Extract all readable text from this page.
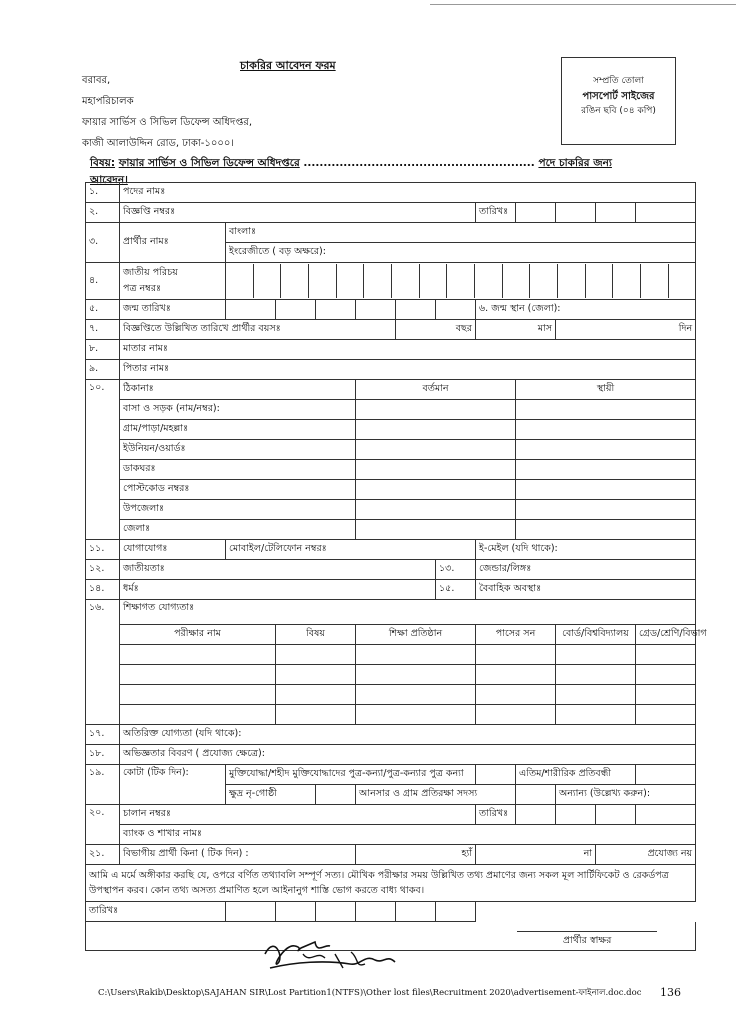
চাকরির আবেদন ফরম
বরাবর,
মহাপরিচালক
ফায়ার সার্ভিস ও সিভিল ডিফেন্স অধিদপ্তর,
কাজী আলাউদ্দিন রোড, ঢাকা-১০০০।
সম্প্রতি তোলা
পাসপোর্ট সাইজের
রঙিন ছবি (০৪ কপি)
বিষয়: ফায়ার সার্ভিস ও সিভিল ডিফেন্স অধিদপ্তরে .......................................................... পদে চাকরির জন্য আবেদন।
১.	পদের নামঃ											
২.	বিজ্ঞপ্তি নম্বরঃ							তারিখঃ				
৩.	প্রার্থীর নামঃ	বাংলাঃ										
		ইংরেজীতে ( বড় অক্ষরে):										
৪.	জাতীয় পরিচয়
পত্র নম্বরঃ											

৫.	জন্ম তারিখঃ							৬. জন্ম স্থান (জেলা):				
৭.	বিজ্ঞপ্তিতে উল্লিখিত তারিখে প্রার্থীর বয়সঃ					বছর		মাস		দিন		
৮.	মাতার নামঃ											
৯.	পিতার নামঃ											
১০.	ঠিকানাঃ				বর্তমান				স্থায়ী			
	বাসা ও সড়ক (নাম/নম্বর):											
	গ্রাম/পাড়া/মহল্লাঃ											
	ইউনিয়ন/ওয়ার্ডঃ											
	ডাকঘরঃ											
	পোস্টকোড নম্বরঃ											
	উপজেলাঃ											
	জেলাঃ											
১১.	যোগাযোগঃ	মোবাইল/টেলিফোন নম্বরঃ						ই-মেইল (যদি থাকে):				
১২.	জাতীয়তাঃ						১৩.	জেন্ডার/লিঙ্গঃ				
১৪.	ধর্মঃ						১৫.	বৈবাহিক অবস্থাঃ				
১৬.	শিক্ষাগত যোগ্যতাঃ											
	পরীক্ষার নাম		বিষয়		শিক্ষা প্রতিষ্ঠান			পাসের সন		বোর্ড/বিশ্ববিদ্যালয়		গ্রেড/শ্রেণি/বিভাগ

১৭.	অতিরিক্ত যোগ্যতা (যদি থাকে):											
১৮.	অভিজ্ঞতার বিবরণ ( প্রযোজ্য ক্ষেত্রে):											
১৯.	কোটা (টিক দিন):	মুক্তিযোদ্ধা/শহীদ মুক্তিযোদ্ধাদের পুত্র-কন্যা/পুত্র-কন্যার পুত্র কন্যা							এতিম/শারীরিক প্রতিবন্ধী			
		ক্ষুদ্র নৃ-গোষ্ঠী			আনসার ও গ্রাম প্রতিরক্ষা সদস্য					অন্যান্য (উল্লেখ্য করুন):		
২০.	চালান নম্বরঃ							তারিখঃ				
	ব্যাংক ও শাখার নামঃ											
২১.	বিভাগীয় প্রার্থী কিনা ( টিক দিন) :				হ্যাঁ			না			প্রযোজ্য নয়	
আমি এ মর্মে অঙ্গীকার করছি যে, ওপরে বর্ণিত তথ্যাবলি সম্পূর্ণ সত্য। মৌখিক পরীক্ষার সময় উল্লিখিত তথ্য প্রমাণের জন্য সকল মূল সার্টিফিকেট ও রেকর্ডপত্র উপস্থাপন করব। কোন তথ্য অসত্য প্রমাণিত হলে আইনানুগ শাস্তি ভোগ করতে বাধ্য থাকব।												
তারিখঃ												
প্রার্থীর স্বাক্ষর												
C:\Users\Rakib\Desktop\SAJAHAN SIR\Lost Partition1(NTFS)\Other lost files\Recruitment 2020\advertisement-ফাইনাল.doc.doc 136
